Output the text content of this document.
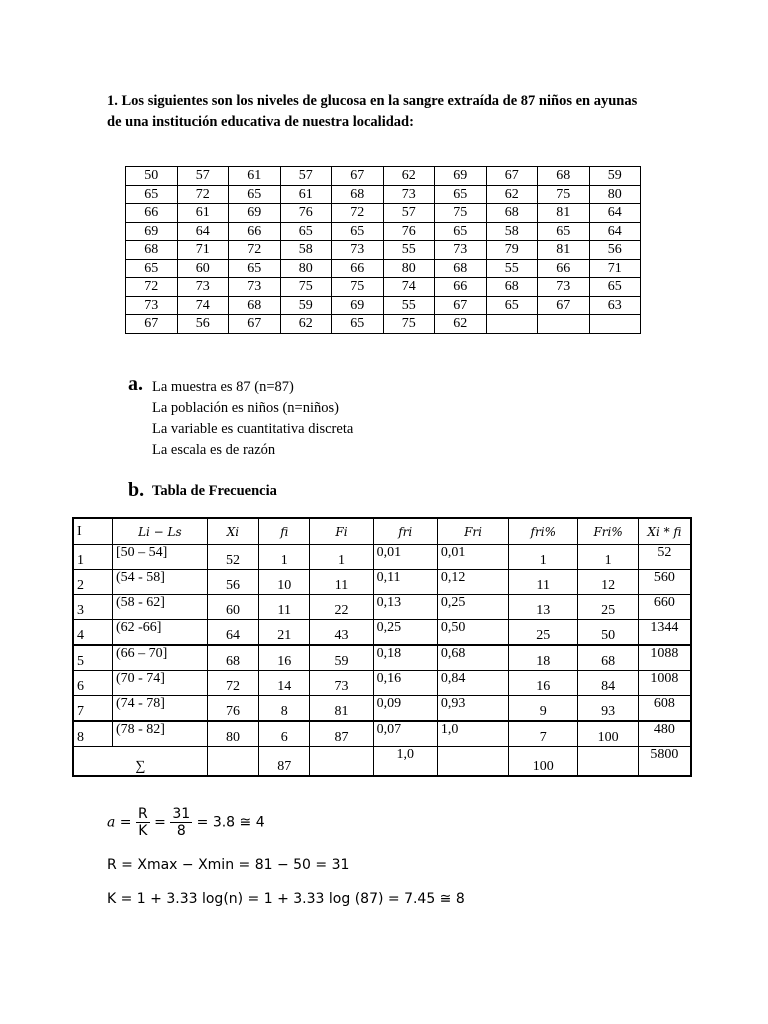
1. Los siguientes son los niveles de glucosa en la sangre extraída de 87 niños en ayunas
de una institución educativa de nuestra localidad:
50	57	61	57	67	62	69	67	68	59
65	72	65	61	68	73	65	62	75	80
66	61	69	76	72	57	75	68	81	64
69	64	66	65	65	76	65	58	65	64
68	71	72	58	73	55	73	79	81	56
65	60	65	80	66	80	68	55	66	71
72	73	73	75	75	74	66	68	73	65
73	74	68	59	69	55	67	65	67	63
67	56	67	62	65	75	62			
a. La muestra es 87 (n=87)
La población es niños (n=niños)
La variable es cuantitativa discreta
La escala es de razón
b. Tabla de Frecuencia
I	Li − Ls	Xi	fi	Fi	fri	Fri	fri%	Fri%	Xi * fi
1	[50 – 54]	52	1	1	0,01	0,01	1	1	52
2	(54 - 58]	56	10	11	0,11	0,12	11	12	560
3	(58 - 62]	60	11	22	0,13	0,25	13	25	660
4	(62 -66]	64	21	43	0,25	0,50	25	50	1344
5	(66 – 70]	68	16	59	0,18	0,68	18	68	1088
6	(70 - 74]	72	14	73	0,16	0,84	16	84	1008
7	(74 - 78]	76	8	81	0,09	0,93	9	93	608
8	(78 - 82]	80	6	87	0,07	1,0	7	100	480
∑			87		1,0		100		5800
$a = \frac{R}{K} = \frac{31}{8} = 3.8$ ≅ 4
R = Xmax − Xmin = 81 − 50 = 31
K = 1 + 3.33 log(n) = 1 + 3.33 log (87) = 7.45 ≅ 8
